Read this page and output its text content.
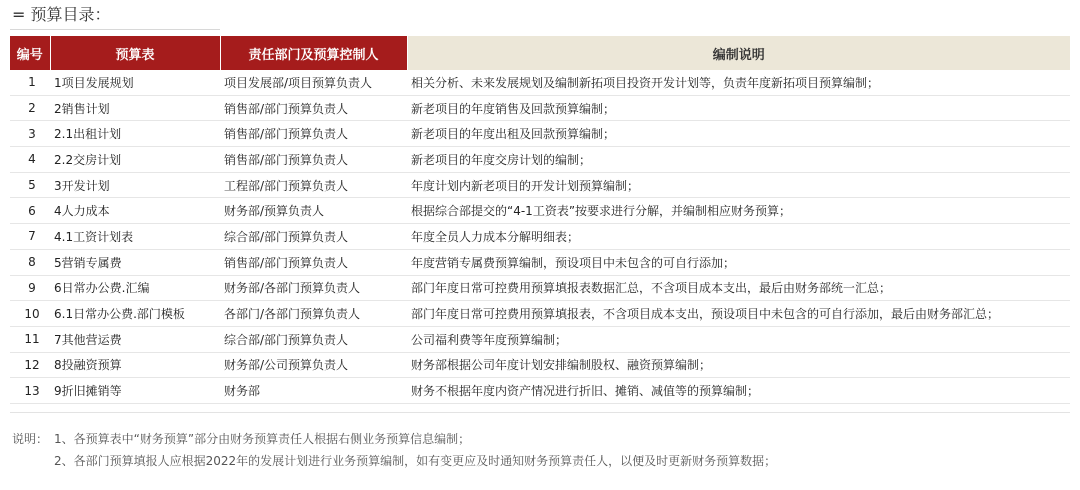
= 预算目录：
编号	预算表	责任部门及预算控制人	编制说明
1	1项目发展规划	项目发展部/项目预算负责人	相关分析、未来发展规划及编制新拓项目投资开发计划等，负责年度新拓项目预算编制；
2	2销售计划	销售部/部门预算负责人	新老项目的年度销售及回款预算编制；
3	2.1出租计划	销售部/部门预算负责人	新老项目的年度出租及回款预算编制；
4	2.2交房计划	销售部/部门预算负责人	新老项目的年度交房计划的编制；
5	3开发计划	工程部/部门预算负责人	年度计划内新老项目的开发计划预算编制；
6	4人力成本	财务部/预算负责人	根据综合部提交的“4-1工资表”按要求进行分解，并编制相应财务预算；
7	4.1工资计划表	综合部/部门预算负责人	年度全员人力成本分解明细表；
8	5营销专属费	销售部/部门预算负责人	年度营销专属费预算编制，预设项目中未包含的可自行添加；
9	6日常办公费.汇编	财务部/各部门预算负责人	部门年度日常可控费用预算填报表数据汇总，不含项目成本支出，最后由财务部统一汇总；
10	6.1日常办公费.部门模板	各部门/各部门预算负责人	部门年度日常可控费用预算填报表，不含项目成本支出，预设项目中未包含的可自行添加，最后由财务部汇总；
11	7其他营运费	综合部/部门预算负责人	公司福利费等年度预算编制；
12	8投融资预算	财务部/公司预算负责人	财务部根据公司年度计划安排编制股权、融资预算编制；
13	9折旧摊销等	财务部	财务不根据年度内资产情况进行折旧、摊销、减值等的预算编制；
说明： 1、各预算表中“财务预算”部分由财务预算责任人根据右侧业务预算信息编制；
2、各部门预算填报人应根据2022年的发展计划进行业务预算编制，如有变更应及时通知财务预算责任人，以便及时更新财务预算数据；
